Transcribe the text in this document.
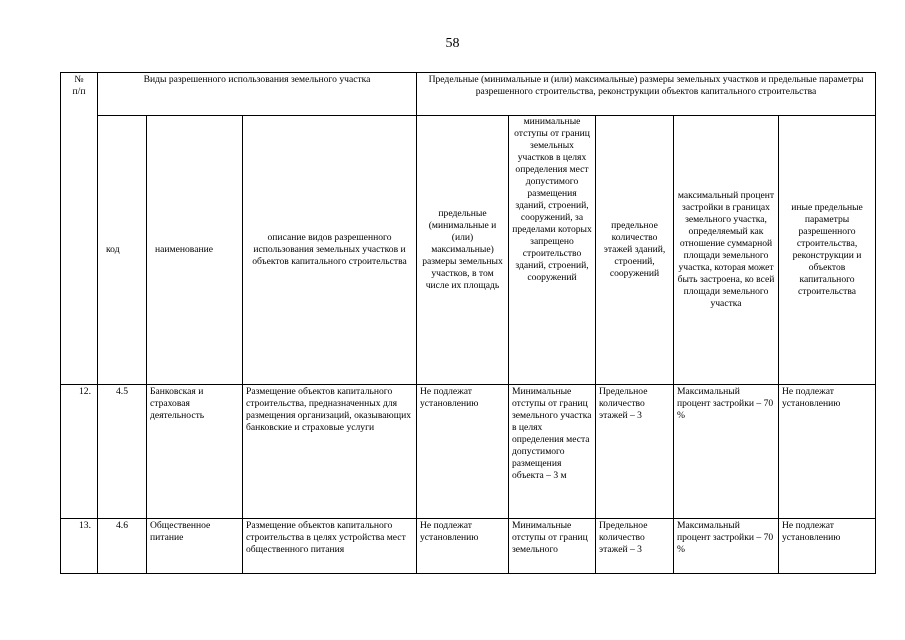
58
№
п/п	Виды разрешенного использования земельного участка			Предельные (минимальные и (или) максимальные) размеры земельных участков и предельные параметры разрешенного строительства, реконструкции объектов капитального строительства				
	код	наименование	описание видов разрешенного использования земельных участков и объектов капитального строительства	предельные (минимальные и (или) максимальные) размеры земельных участков, в том числе их площадь	минимальные отступы от границ земельных участков в целях определения мест допустимого размещения зданий, строений, сооружений, за пределами которых запрещено строительство зданий, строений, сооружений	предельное количество этажей зданий, строений, сооружений	максимальный процент застройки в границах земельного участка, определяемый как отношение суммарной площади земельного участка, которая может быть застроена, ко всей площади земельного участка	иные предельные параметры разрешенного строительства, реконструкции и объектов капитального строительства
12.	4.5	Банковская и страховая деятельность	Размещение объектов капитального строительства, предназначенных для размещения организаций, оказывающих банковские и страховые услуги	Не подлежат установлению	Минимальные отступы от границ земельного участка в целях определения места допустимого размещения объекта – 3 м	Предельное количество этажей – 3	Максимальный процент застройки – 70 %	Не подлежат установлению
13.	4.6	Общественное питание	Размещение объектов капитального строительства в целях устройства мест общественного питания	Не подлежат установлению	Минимальные отступы от границ земельного	Предельное количество этажей – 3	Максимальный процент застройки – 70 %	Не подлежат установлению
